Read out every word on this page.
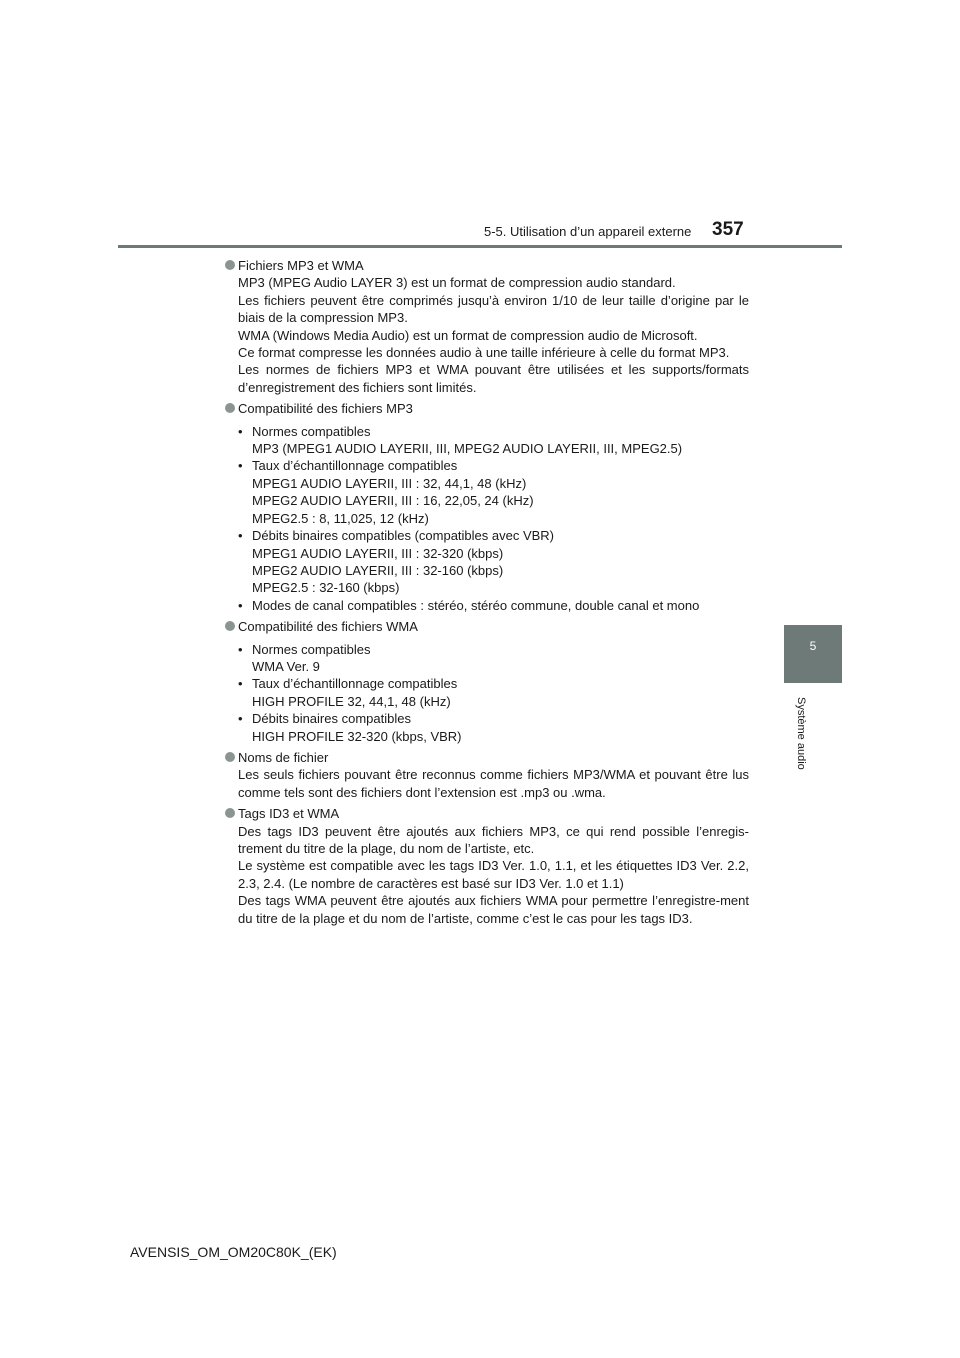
5-5. Utilisation d’un appareil externe 357
5
Système audio
Fichiers MP3 et WMA
MP3 (MPEG Audio LAYER 3) est un format de compression audio standard.
Les fichiers peuvent être comprimés jusqu’à environ 1/10 de leur taille d’origine par le biais de la compression MP3.
WMA (Windows Media Audio) est un format de compression audio de Microsoft.
Ce format compresse les données audio à une taille inférieure à celle du format MP3.
Les normes de fichiers MP3 et WMA pouvant être utilisées et les supports/formats d’enregistrement des fichiers sont limités.
Compatibilité des fichiers MP3
• Normes compatibles
MP3 (MPEG1 AUDIO LAYERII, III, MPEG2 AUDIO LAYERII, III, MPEG2.5)
• Taux d’échantillonnage compatibles
MPEG1 AUDIO LAYERII, III : 32, 44,1, 48 (kHz)
MPEG2 AUDIO LAYERII, III : 16, 22,05, 24 (kHz)
MPEG2.5 : 8, 11,025, 12 (kHz)
• Débits binaires compatibles (compatibles avec VBR)
MPEG1 AUDIO LAYERII, III : 32-320 (kbps)
MPEG2 AUDIO LAYERII, III : 32-160 (kbps)
MPEG2.5 : 32-160 (kbps)
• Modes de canal compatibles : stéréo, stéréo commune, double canal et mono
Compatibilité des fichiers WMA
• Normes compatibles
WMA Ver. 9
• Taux d’échantillonnage compatibles
HIGH PROFILE 32, 44,1, 48 (kHz)
• Débits binaires compatibles
HIGH PROFILE 32-320 (kbps, VBR)
Noms de fichier
Les seuls fichiers pouvant être reconnus comme fichiers MP3/WMA et pouvant être lus comme tels sont des fichiers dont l’extension est .mp3 ou .wma.
Tags ID3 et WMA
Des tags ID3 peuvent être ajoutés aux fichiers MP3, ce qui rend possible l’enregis-trement du titre de la plage, du nom de l’artiste, etc.
Le système est compatible avec les tags ID3 Ver. 1.0, 1.1, et les étiquettes ID3 Ver. 2.2, 2.3, 2.4. (Le nombre de caractères est basé sur ID3 Ver. 1.0 et 1.1)
Des tags WMA peuvent être ajoutés aux fichiers WMA pour permettre l’enregistre-ment du titre de la plage et du nom de l’artiste, comme c’est le cas pour les tags ID3.
AVENSIS_OM_OM20C80K_(EK)
